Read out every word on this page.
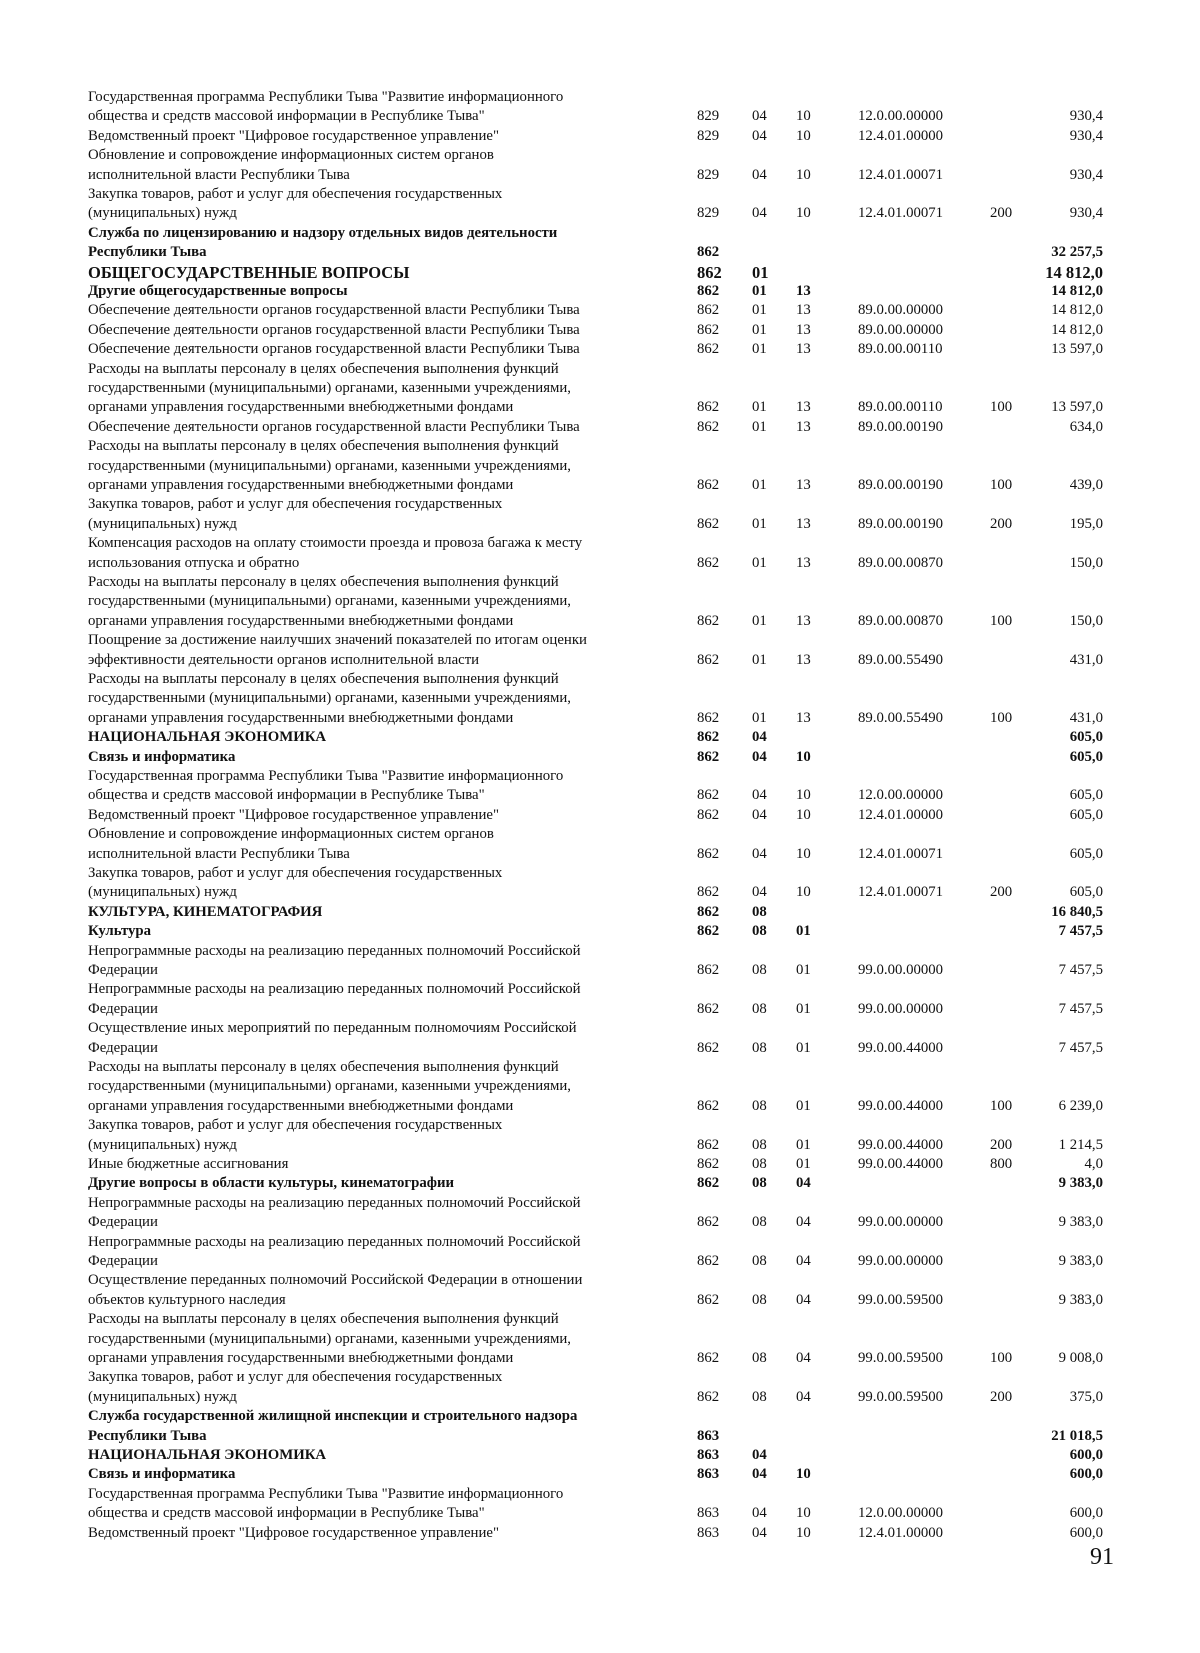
Государственная программа Республики Тыва "Развитие информационного
общества и средств массовой информации в Республике Тыва"	829 04 10	12.0.00.00000	930,4
Ведомственный проект "Цифровое государственное управление"	829 04 10	12.4.01.00000	930,4
Обновление и сопровождение информационных систем органов
исполнительной власти Республики Тыва	829 04 10	12.4.01.00071	930,4
Закупка товаров, работ и услуг для обеспечения государственных
(муниципальных) нужд	829 04 10	12.4.01.00071	200	930,4
Служба по лицензированию и надзору отдельных видов деятельности
Республики Тыва	862	32 257,5
ОБЩЕГОСУДАРСТВЕННЫЕ ВОПРОСЫ	862 01	14 812,0
Другие общегосударственные вопросы	862 01 13	14 812,0
Обеспечение деятельности органов государственной власти Республики Тыва	862 01 13	89.0.00.00000	14 812,0
Обеспечение деятельности органов государственной власти Республики Тыва	862 01 13	89.0.00.00000	14 812,0
Обеспечение деятельности органов государственной власти Республики Тыва	862 01 13	89.0.00.00110	13 597,0
Расходы на выплаты персоналу в целях обеспечения выполнения функций
государственными (муниципальными) органами, казенными учреждениями,
органами управления государственными внебюджетными фондами	862 01 13	89.0.00.00110	100	13 597,0
Обеспечение деятельности органов государственной власти Республики Тыва	862 01 13	89.0.00.00190	634,0
Расходы на выплаты персоналу в целях обеспечения выполнения функций
государственными (муниципальными) органами, казенными учреждениями,
органами управления государственными внебюджетными фондами	862 01 13	89.0.00.00190	100	439,0
Закупка товаров, работ и услуг для обеспечения государственных
(муниципальных) нужд	862 01 13	89.0.00.00190	200	195,0
Компенсация расходов на оплату стоимости проезда и провоза багажа к месту
использования отпуска и обратно	862 01 13	89.0.00.00870	150,0
Расходы на выплаты персоналу в целях обеспечения выполнения функций
государственными (муниципальными) органами, казенными учреждениями,
органами управления государственными внебюджетными фондами	862 01 13	89.0.00.00870	100	150,0
Поощрение за достижение наилучших значений показателей по итогам оценки
эффективности деятельности органов исполнительной власти	862 01 13	89.0.00.55490	431,0
Расходы на выплаты персоналу в целях обеспечения выполнения функций
государственными (муниципальными) органами, казенными учреждениями,
органами управления государственными внебюджетными фондами	862 01 13	89.0.00.55490	100	431,0
НАЦИОНАЛЬНАЯ ЭКОНОМИКА	862 04	605,0
Связь и информатика	862 04 10	605,0
Государственная программа Республики Тыва "Развитие информационного
общества и средств массовой информации в Республике Тыва"	862 04 10	12.0.00.00000	605,0
Ведомственный проект "Цифровое государственное управление"	862 04 10	12.4.01.00000	605,0
Обновление и сопровождение информационных систем органов
исполнительной власти Республики Тыва	862 04 10	12.4.01.00071	605,0
Закупка товаров, работ и услуг для обеспечения государственных
(муниципальных) нужд	862 04 10	12.4.01.00071	200	605,0
КУЛЬТУРА, КИНЕМАТОГРАФИЯ	862 08	16 840,5
Культура	862 08 01	7 457,5
Непрограммные расходы на реализацию переданных полномочий Российской
Федерации	862 08 01	99.0.00.00000	7 457,5
Непрограммные расходы на реализацию переданных полномочий Российской
Федерации	862 08 01	99.0.00.00000	7 457,5
Осуществление иных мероприятий по переданным полномочиям Российской
Федерации	862 08 01	99.0.00.44000	7 457,5
Расходы на выплаты персоналу в целях обеспечения выполнения функций
государственными (муниципальными) органами, казенными учреждениями,
органами управления государственными внебюджетными фондами	862 08 01	99.0.00.44000	100	6 239,0
Закупка товаров, работ и услуг для обеспечения государственных
(муниципальных) нужд	862 08 01	99.0.00.44000	200	1 214,5
Иные бюджетные ассигнования	862 08 01	99.0.00.44000	800	4,0
Другие вопросы в области культуры, кинематографии	862 08 04	9 383,0
Непрограммные расходы на реализацию переданных полномочий Российской
Федерации	862 08 04	99.0.00.00000	9 383,0
Непрограммные расходы на реализацию переданных полномочий Российской
Федерации	862 08 04	99.0.00.00000	9 383,0
Осуществление переданных полномочий Российской Федерации в отношении
объектов культурного наследия	862 08 04	99.0.00.59500	9 383,0
Расходы на выплаты персоналу в целях обеспечения выполнения функций
государственными (муниципальными) органами, казенными учреждениями,
органами управления государственными внебюджетными фондами	862 08 04	99.0.00.59500	100	9 008,0
Закупка товаров, работ и услуг для обеспечения государственных
(муниципальных) нужд	862 08 04	99.0.00.59500	200	375,0
Служба государственной жилищной инспекции и строительного надзора
Республики Тыва	863	21 018,5
НАЦИОНАЛЬНАЯ ЭКОНОМИКА	863 04	600,0
Связь и информатика	863 04 10	600,0
Государственная программа Республики Тыва "Развитие информационного
общества и средств массовой информации в Республике Тыва"	863 04 10	12.0.00.00000	600,0
Ведомственный проект "Цифровое государственное управление"	863 04 10	12.4.01.00000	600,0
91
